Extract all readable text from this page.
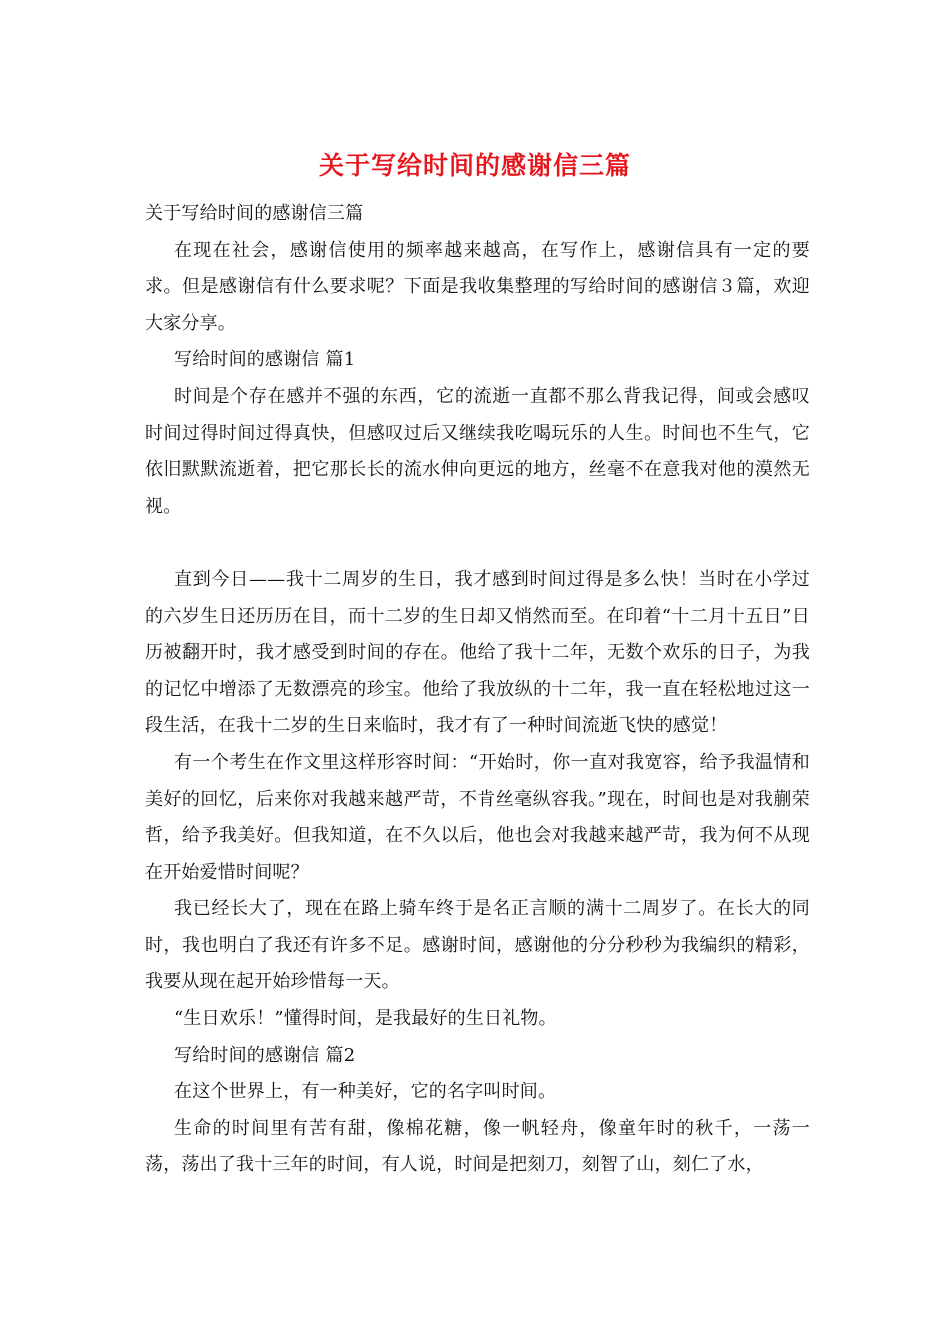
关于写给时间的感谢信三篇

关于写给时间的感谢信三篇

在现在社会，感谢信使用的频率越来越高，在写作上，感谢信具有一定的要求。但是感谢信有什么要求呢？下面是我收集整理的写给时间的感谢信３篇，欢迎大家分享。

写给时间的感谢信 篇1

时间是个存在感并不强的东西，它的流逝一直都不那么背我记得，间或会感叹时间过得时间过得真快，但感叹过后又继续我吃喝玩乐的人生。时间也不生气，它依旧默默流逝着，把它那长长的流水伸向更远的地方，丝毫不在意我对他的漠然无视。

直到今日——我十二周岁的生日，我才感到时间过得是多么快！当时在小学过的六岁生日还历历在目，而十二岁的生日却又悄然而至。在印着“十二月十五日”日历被翻开时，我才感受到时间的存在。他给了我十二年，无数个欢乐的日子，为我的记忆中增添了无数漂亮的珍宝。他给了我放纵的十二年，我一直在轻松地过这一段生活，在我十二岁的生日来临时，我才有了一种时间流逝飞快的感觉！

有一个考生在作文里这样形容时间：“开始时，你一直对我宽容，给予我温情和美好的回忆，后来你对我越来越严苛，不肯丝毫纵容我。”现在，时间也是对我蒯荣哲，给予我美好。但我知道，在不久以后，他也会对我越来越严苛，我为何不从现在开始爱惜时间呢？

我已经长大了，现在在路上骑车终于是名正言顺的满十二周岁了。在长大的同时，我也明白了我还有许多不足。感谢时间，感谢他的分分秒秒为我编织的精彩，我要从现在起开始珍惜每一天。

“生日欢乐！”懂得时间，是我最好的生日礼物。

写给时间的感谢信 篇2

在这个世界上，有一种美好，它的名字叫时间。

生命的时间里有苦有甜，像棉花糖，像一帆轻舟，像童年时的秋千，一荡一荡，荡出了我十三年的时间，有人说，时间是把刻刀，刻智了山，刻仁了水，
